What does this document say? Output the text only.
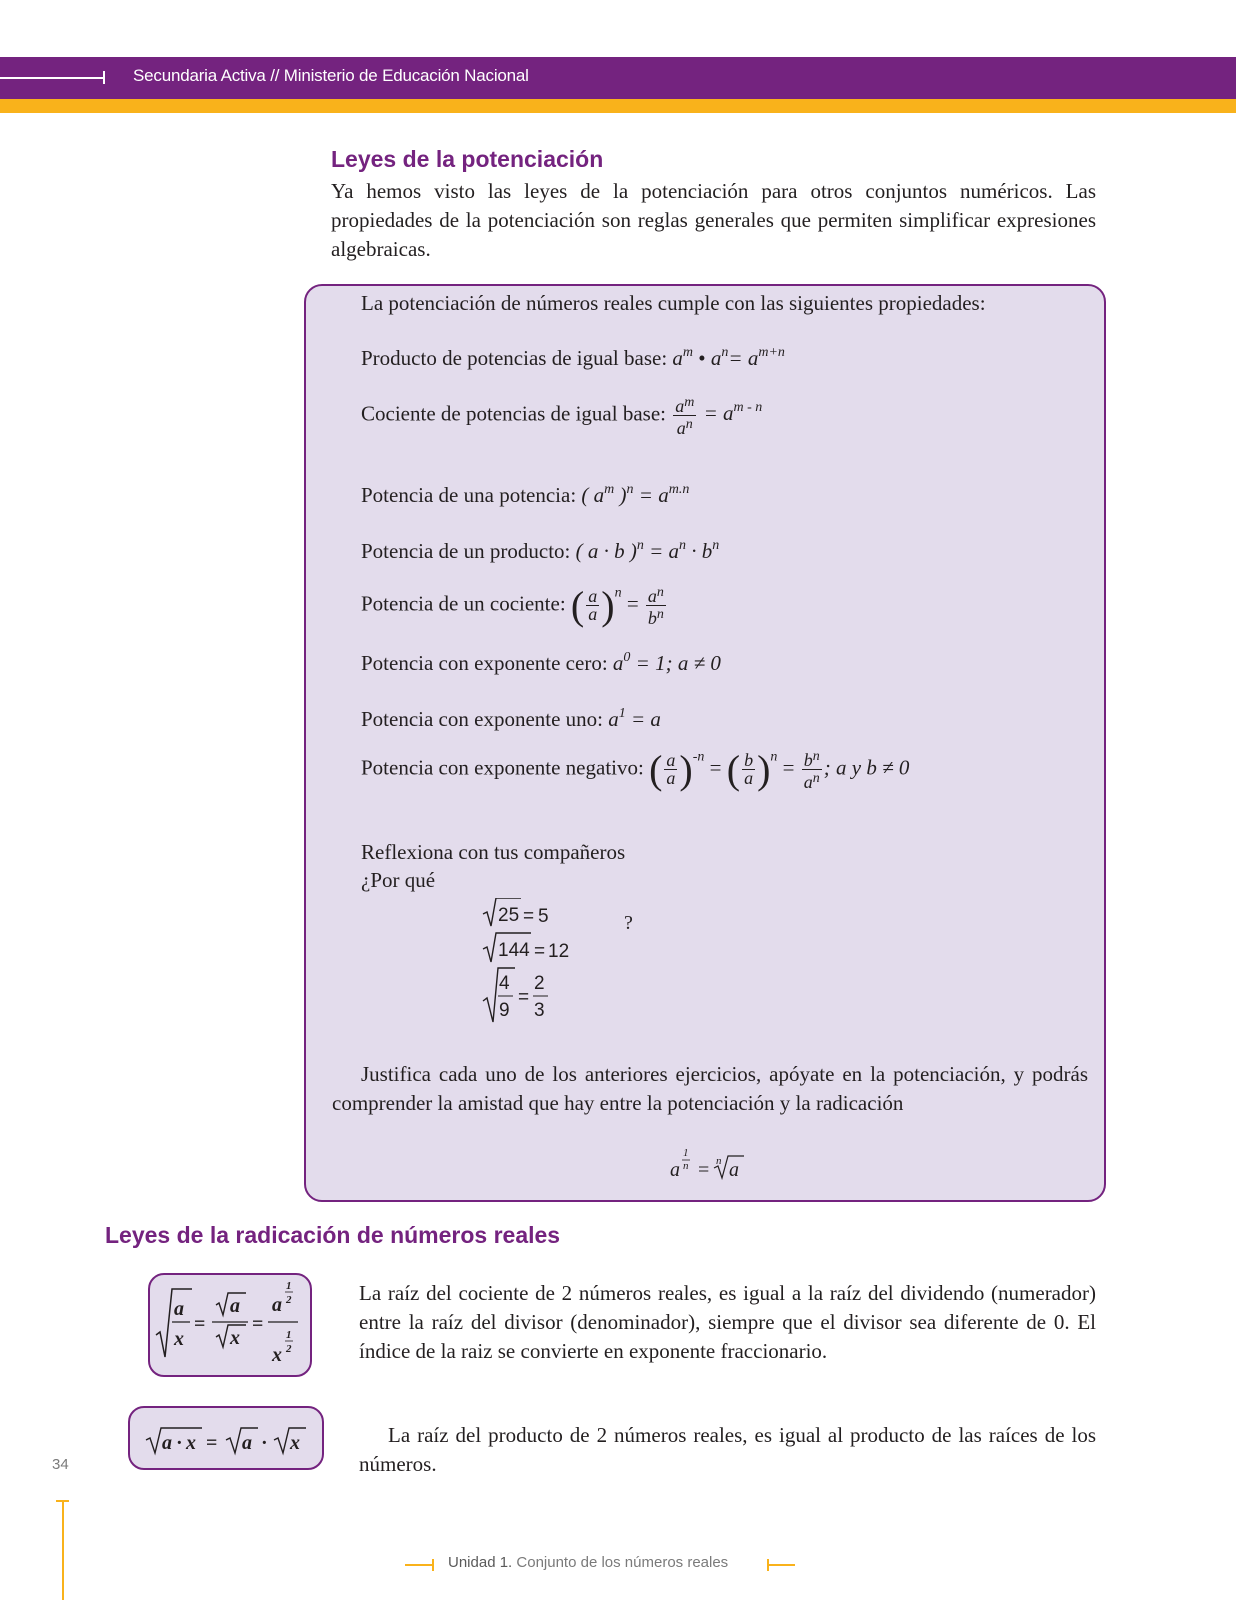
Secundaria Activa // Ministerio de Educación Nacional
Leyes de la potenciación
Ya hemos visto las leyes de la potenciación para otros conjuntos numéricos. Las propiedades de la potenciación son reglas generales que permiten simplificar expresiones algebraicas.
La potenciación de números reales cumple con las siguientes propiedades:
Producto de potencias de igual base: $a^m$ • $a^n= a^{m+n}$
Cociente de potencias de igual base: $\frac{a^m}{a^n} = a^{m - n}$
Potencia de una potencia: ( $a^m$ )$^n = a^{m.n}$
Potencia de un producto: ( a · b )$^n = a^n \cdot b^n$
Potencia de un cociente: ( $\frac{a}{a} )^n = \frac{a^n}{b^n}$
Potencia con exponente cero: $a^0 = 1$; a ≠ 0
Potencia con exponente uno: $a^1 = a$
Potencia con exponente negativo: ( $\frac{a}{a} )^{-n}$ = ( $\frac{b}{a} )^n = \frac{b^n}{a^n}$ ; a y b ≠ 0
Reflexiona con tus compañeros
¿Por qué
25 = 5
144 = 12
4
9
=
2
3
?
Justifica cada uno de los anteriores ejercicios, apóyate en la potenciación, y podrás comprender la amistad que hay entre la potenciación y la radicación
a
1
n = n a
Leyes de la radicación de números reales
a
x
=
a
x
=
a
1
2
x
1
2
La raíz del cociente de 2 números reales, es igual a la raíz del dividendo (numerador) entre la raíz del divisor (denominador), siempre que el divisor sea diferente de 0. El índice de la raiz se convierte en exponente fraccionario.
a · x = a · x	La raíz del producto de 2 números reales, es igual al producto de las raíces de los números.
34
Unidad 1. Conjunto de los números reales
